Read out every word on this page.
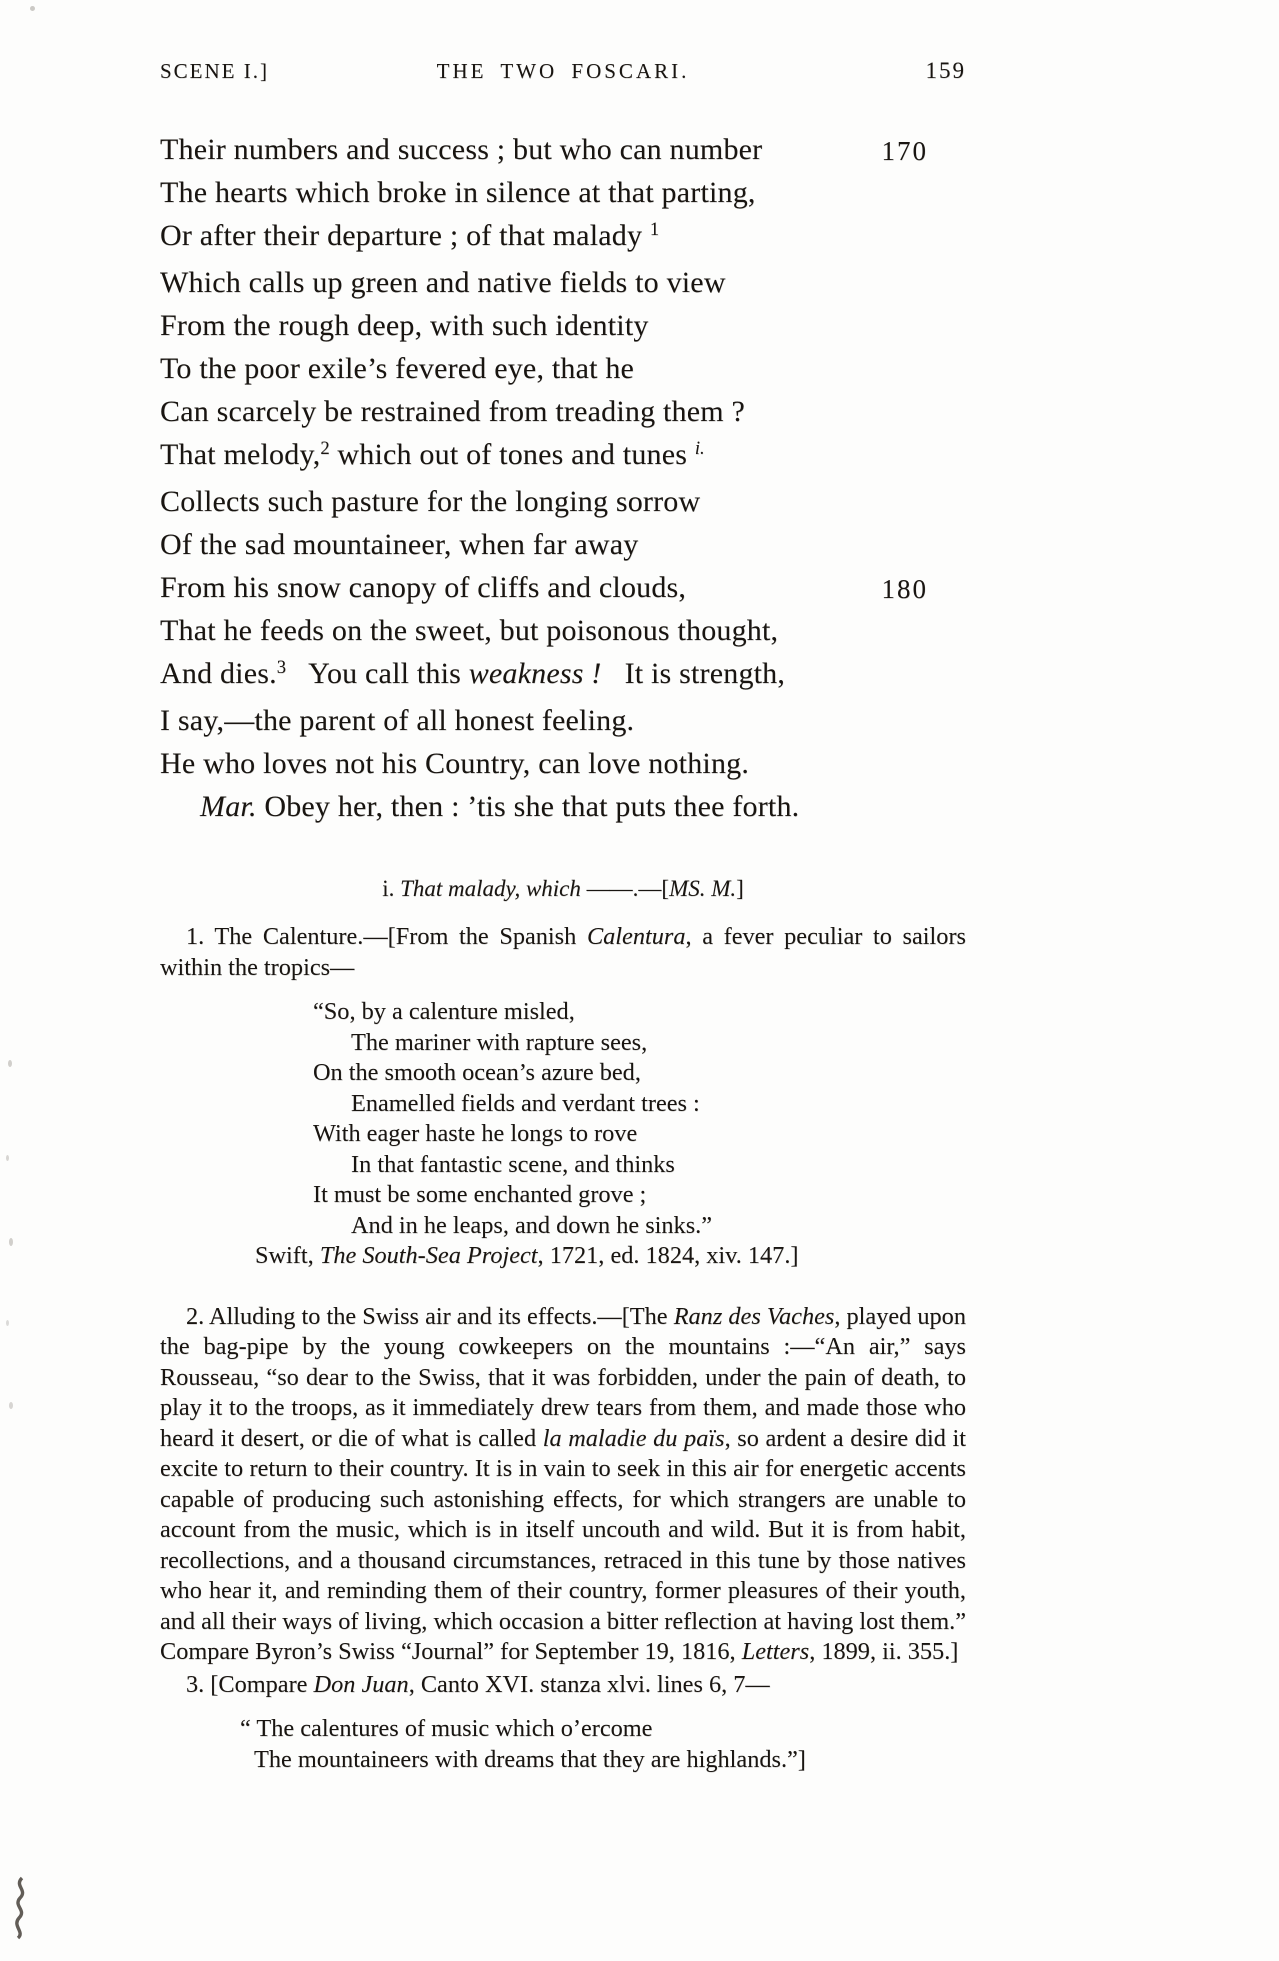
SCENE I.]	THE TWO FOSCARI.	159
Their numbers and success ; but who can number	170
The hearts which broke in silence at that parting,
Or after their departure ; of that malady $^1$
Which calls up green and native fields to view
From the rough deep, with such identity
To the poor exile’s fevered eye, that he
Can scarcely be restrained from treading them ?
That melody,$^2$ which out of tones and tunes $^{i.}$
Collects such pasture for the longing sorrow
Of the sad mountaineer, when far away
From his snow canopy of cliffs and clouds,	180
That he feeds on the sweet, but poisonous thought,
And dies.$^3$   You call this weakness !   It is strength,
I say,—the parent of all honest feeling.
He who loves not his Country, can love nothing.
Mar. Obey her, then : ’tis she that puts thee forth.
i. That malady, which ——.—[MS. M.]

1. The Calenture.—[From the Spanish Calentura, a fever peculiar to sailors within the tropics—

“So, by a calenture misled,
The mariner with rapture sees,
On the smooth ocean’s azure bed,
Enamelled fields and verdant trees :
With eager haste he longs to rove
In that fantastic scene, and thinks
It must be some enchanted grove ;
And in he leaps, and down he sinks.”
Swift, The South-Sea Project, 1721, ed. 1824, xiv. 147.]

2. Alluding to the Swiss air and its effects.—[The Ranz des Vaches, played upon the bag-pipe by the young cowkeepers on the mountains :—“An air,” says Rousseau, “so dear to the Swiss, that it was forbidden, under the pain of death, to play it to the troops, as it immediately drew tears from them, and made those who heard it desert, or die of what is called la maladie du païs, so ardent a desire did it excite to return to their country. It is in vain to seek in this air for energetic accents capable of producing such astonishing effects, for which strangers are unable to account from the music, which is in itself uncouth and wild. But it is from habit, recollections, and a thousand circumstances, retraced in this tune by those natives who hear it, and reminding them of their country, former pleasures of their youth, and all their ways of living, which occasion a bitter reflection at having lost them.” Compare Byron’s Swiss “Journal” for September 19, 1816, Letters, 1899, ii. 355.]

3. [Compare Don Juan, Canto XVI. stanza xlvi. lines 6, 7—

“ The calentures of music which o’ercome
The mountaineers with dreams that they are highlands.”]
